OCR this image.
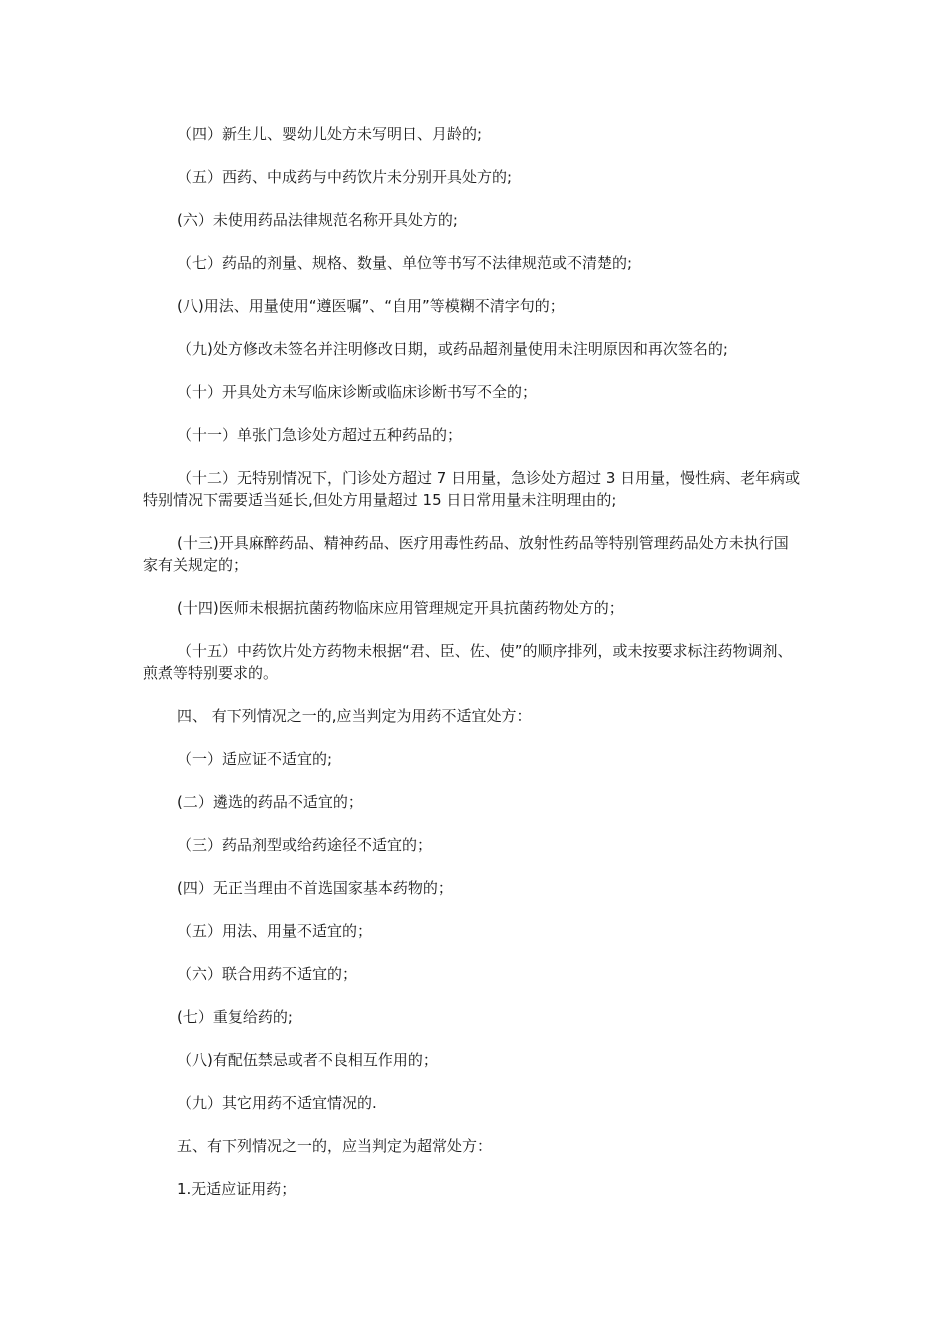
（四）新生儿、婴幼儿处方未写明日、月龄的;

（五）西药、中成药与中药饮片未分别开具处方的;

(六）未使用药品法律规范名称开具处方的;

（七）药品的剂量、规格、数量、单位等书写不法律规范或不清楚的;

(八)用法、用量使用“遵医嘱”、“自用”等模糊不清字句的；

（九)处方修改未签名并注明修改日期，或药品超剂量使用未注明原因和再次签名的;

（十）开具处方未写临床诊断或临床诊断书写不全的；

（十一）单张门急诊处方超过五种药品的；

（十二）无特别情况下，门诊处方超过 7 日用量，急诊处方超过 3 日用量，慢性病、老年病或特别情况下需要适当延长,但处方用量超过 15 日日常用量未注明理由的;

(十三)开具麻醉药品、精神药品、医疗用毒性药品、放射性药品等特别管理药品处方未执行国家有关规定的；

(十四)医师未根据抗菌药物临床应用管理规定开具抗菌药物处方的；

（十五）中药饮片处方药物未根据“君、臣、佐、使”的顺序排列，或未按要求标注药物调剂、煎煮等特别要求的。

四、 有下列情况之一的,应当判定为用药不适宜处方：

（一）适应证不适宜的;

(二）遴选的药品不适宜的；

（三）药品剂型或给药途径不适宜的；

(四）无正当理由不首选国家基本药物的；

（五）用法、用量不适宜的；

（六）联合用药不适宜的；

(七）重复给药的;

（八)有配伍禁忌或者不良相互作用的；

（九）其它用药不适宜情况的.

五、有下列情况之一的，应当判定为超常处方：

1.无适应证用药；
